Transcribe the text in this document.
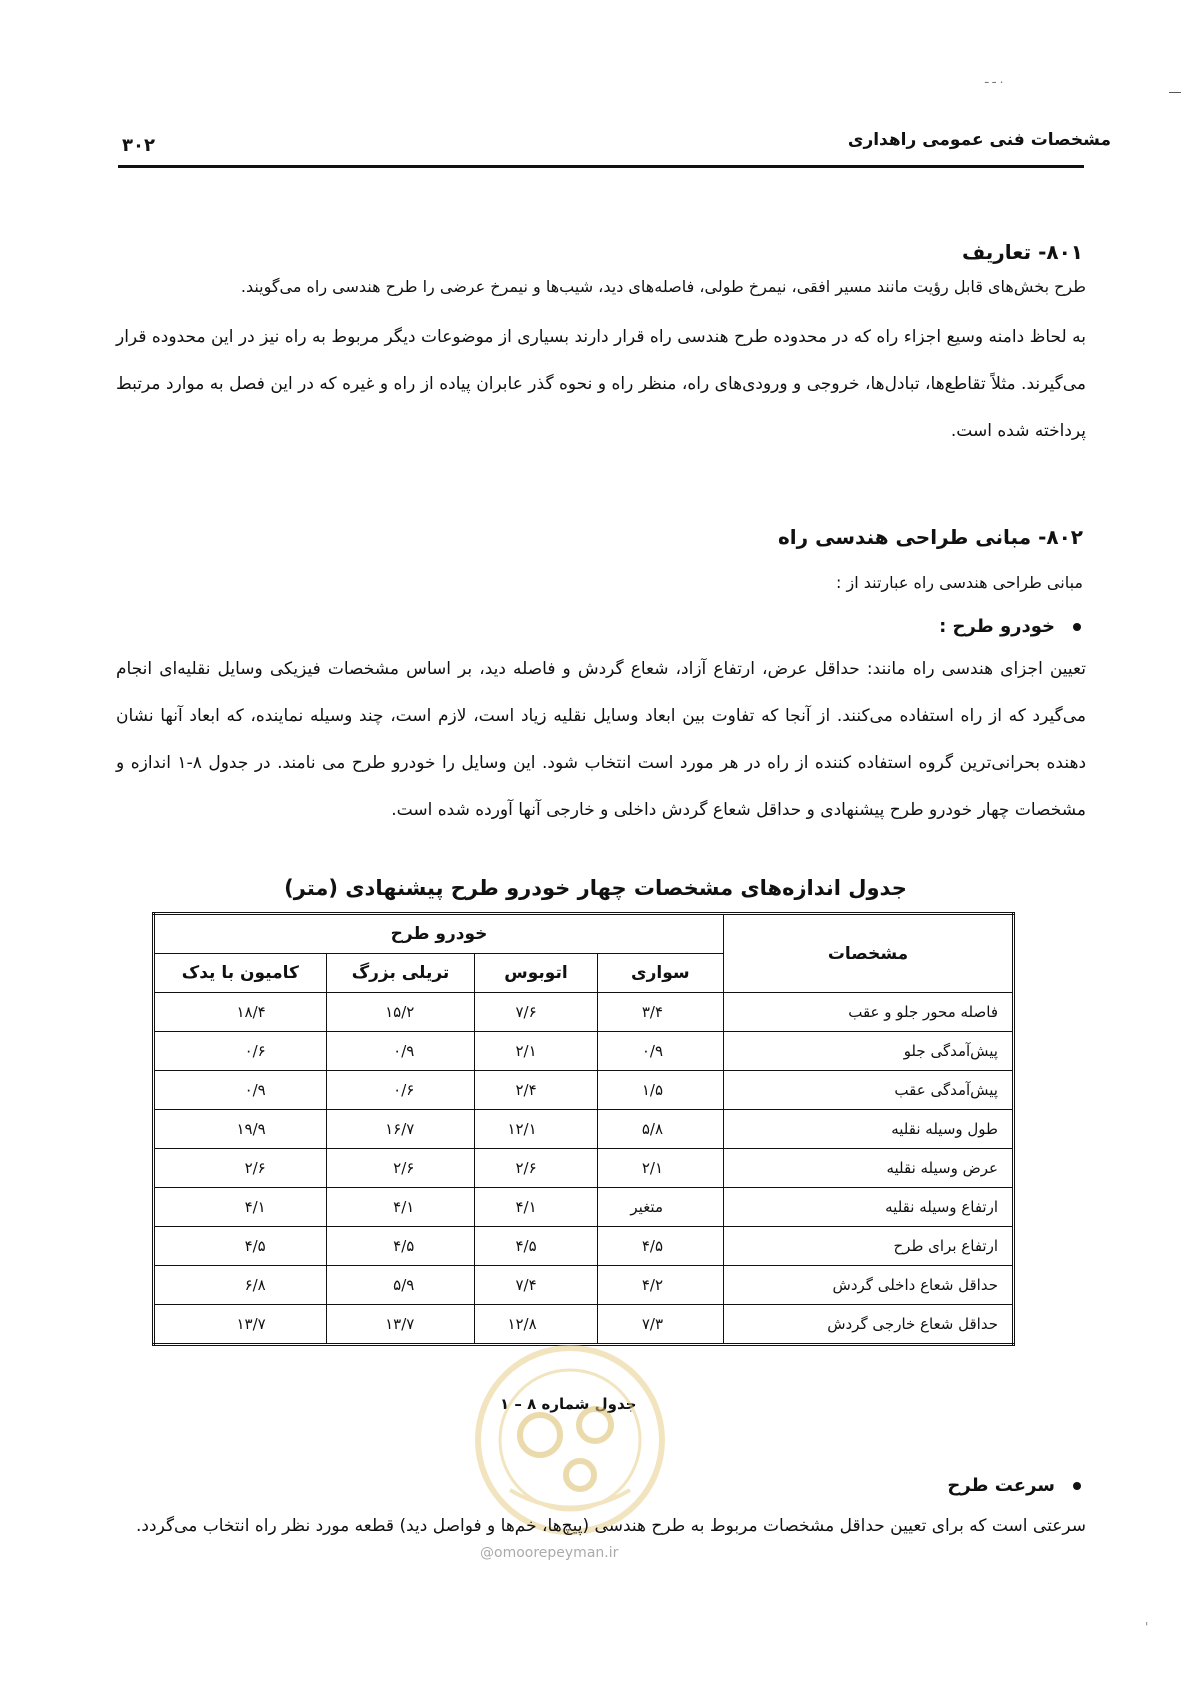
. ـ ـ
مشخصات فنی عمومی راهداری
۳۰۲
۸۰۱- تعاریف
طرح بخش‌های قابل رؤیت مانند مسیر افقی، نیمرخ طولی، فاصله‌های دید، شیب‌ها و نیمرخ عرضی را طرح هندسی راه می‌گویند.
به لحاظ دامنه وسیع اجزاء راه که در محدوده طرح هندسی راه قرار دارند بسیاری از موضوعات دیگر مربوط به راه نیز در این محدوده قرار می‌گیرند. مثلاً تقاطع‌ها، تبادل‌ها، خروجی و ورودی‌های راه، منظر راه و نحوه گذر عابران پیاده از راه و غیره که در این فصل به موارد مرتبط پرداخته شده است.
۸۰۲- مبانی طراحی هندسی راه
مبانی طراحی هندسی راه عبارتند از :
خودرو طرح :
تعیین اجزای هندسی راه مانند: حداقل عرض، ارتفاع آزاد، شعاع گردش و فاصله دید، بر اساس مشخصات فیزیکی وسایل نقلیه‌ای انجام می‌گیرد که از راه استفاده می‌کنند. از آنجا که تفاوت بین ابعاد وسایل نقلیه زیاد است، لازم است، چند وسیله نماینده، که ابعاد آنها نشان دهنده بحرانی‌ترین گروه استفاده کننده از راه در هر مورد است انتخاب شود. این وسایل را خودرو طرح می نامند. در جدول ۸-۱ اندازه و مشخصات چهار خودرو طرح پیشنهادی و حداقل شعاع گردش داخلی و خارجی آنها آورده شده است.
جدول اندازه‌های مشخصات چهار خودرو طرح پیشنهادی (متر)
مشخصات	خودرو طرح			
	سواری	اتوبوس	تریلی بزرگ	کامیون با یدک
فاصله محور جلو و عقب	۳/۴	۷/۶	۱۵/۲	۱۸/۴
پیش‌آمدگی جلو	۰/۹	۲/۱	۰/۹	۰/۶
پیش‌آمدگی عقب	۱/۵	۲/۴	۰/۶	۰/۹
طول وسیله نقلیه	۵/۸	۱۲/۱	۱۶/۷	۱۹/۹
عرض وسیله نقلیه	۲/۱	۲/۶	۲/۶	۲/۶
ارتفاع وسیله نقلیه	متغیر	۴/۱	۴/۱	۴/۱
ارتفاع برای طرح	۴/۵	۴/۵	۴/۵	۴/۵
حداقل شعاع داخلی گردش	۴/۲	۷/۴	۵/۹	۶/۸
حداقل شعاع خارجی گردش	۷/۳	۱۲/۸	۱۳/۷	۱۳/۷
جدول شماره ۸ – ۱
@omoorepeyman.ir
سرعت طرح
سرعتی است که برای تعیین حداقل مشخصات مربوط به طرح هندسی (پیچ‌ها، خم‌ها و فواصل دید) قطعه مورد نظر راه انتخاب می‌گردد.
'
